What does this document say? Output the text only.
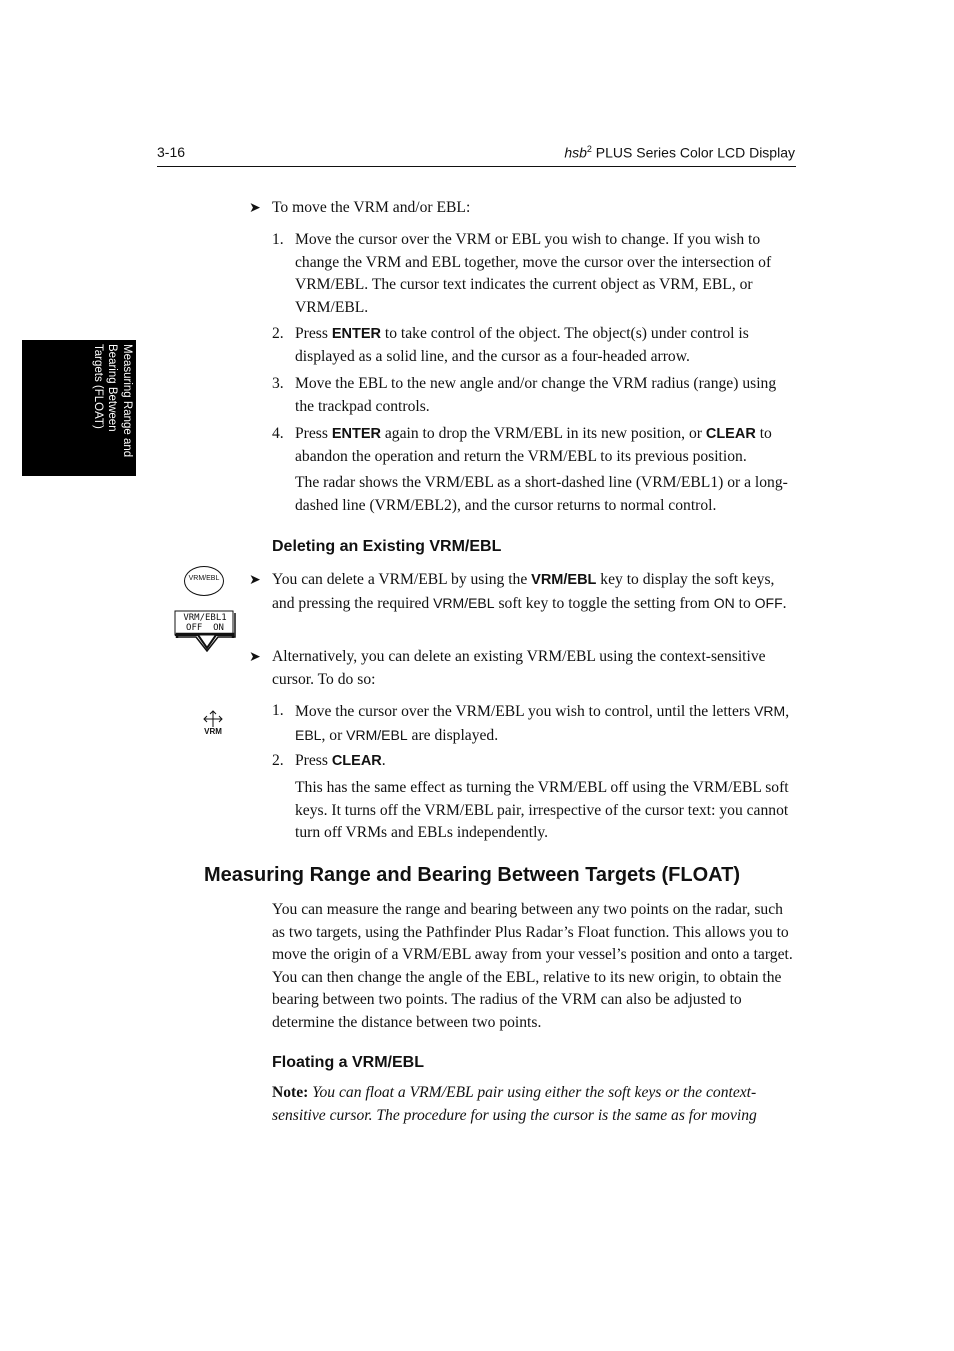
3-16	hsb$^2$ PLUS Series Color LCD Display
Measuring Range and
Bearing Between
Targets (FLOAT)
➤ To move the VRM and/or EBL:

1. Move the cursor over the VRM or EBL you wish to change. If you wish to change the VRM and EBL together, move the cursor over the intersection of VRM/EBL. The cursor text indicates the current object as VRM, EBL, or VRM/EBL.

2. Press ENTER to take control of the object. The object(s) under control is displayed as a solid line, and the cursor as a four-headed arrow.

3. Move the EBL to the new angle and/or change the VRM radius (range) using the trackpad controls.

4. Press ENTER again to drop the VRM/EBL in its new position, or CLEAR to abandon the operation and return the VRM/EBL to its previous position.

The radar shows the VRM/EBL as a short-dashed line (VRM/EBL1) or a long-dashed line (VRM/EBL2), and the cursor returns to normal control.

Deleting an Existing VRM/EBL
VRM/EBL
VRM/EBL1
OFF  ON
VRM
➤ You can delete a VRM/EBL by using the VRM/EBL key to display the soft keys, and pressing the required VRM/EBL soft key to toggle the setting from ON to OFF.

➤ Alternatively, you can delete an existing VRM/EBL using the context-sensitive cursor. To do so:

1. Move the cursor over the VRM/EBL you wish to control, until the letters VRM, EBL, or VRM/EBL are displayed.

2. Press CLEAR.

This has the same effect as turning the VRM/EBL off using the VRM/EBL soft keys. It turns off the VRM/EBL pair, irrespective of the cursor text: you cannot turn off VRMs and EBLs independently.

Measuring Range and Bearing Between Targets (FLOAT)

You can measure the range and bearing between any two points on the radar, such as two targets, using the Pathfinder Plus Radar’s Float function. This allows you to move the origin of a VRM/EBL away from your vessel’s position and onto a target. You can then change the angle of the EBL, relative to its new origin, to obtain the bearing between two points. The radius of the VRM can also be adjusted to determine the distance between two points.

Floating a VRM/EBL

Note: You can float a VRM/EBL pair using either the soft keys or the context-sensitive cursor. The procedure for using the cursor is the same as for moving
